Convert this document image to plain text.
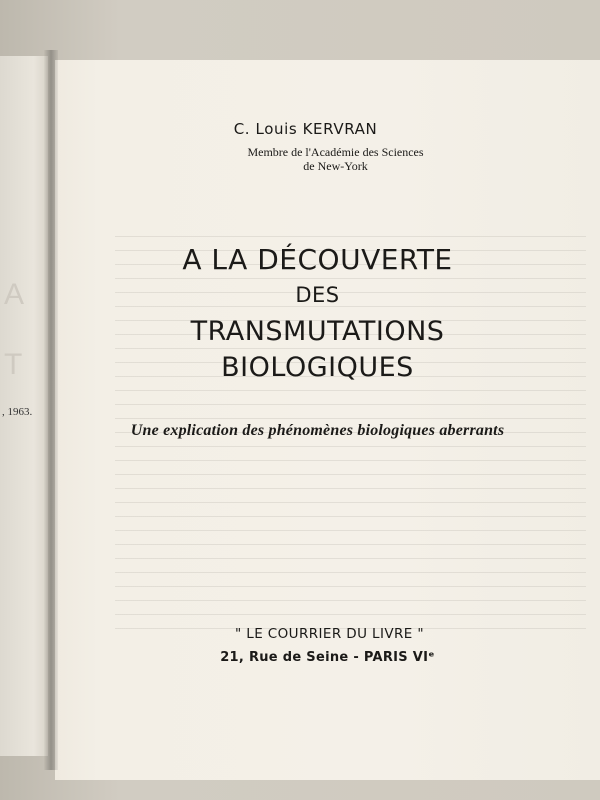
A
T
, 1963.
C. Louis KERVRAN
Membre de l'Académie des Sciences
de New-York
A LA DÉCOUVERTE
DES
TRANSMUTATIONS
BIOLOGIQUES
Une explication des phénomènes biologiques aberrants
" LE COURRIER DU LIVRE "
21, Rue de Seine - PARIS VIᵉ
